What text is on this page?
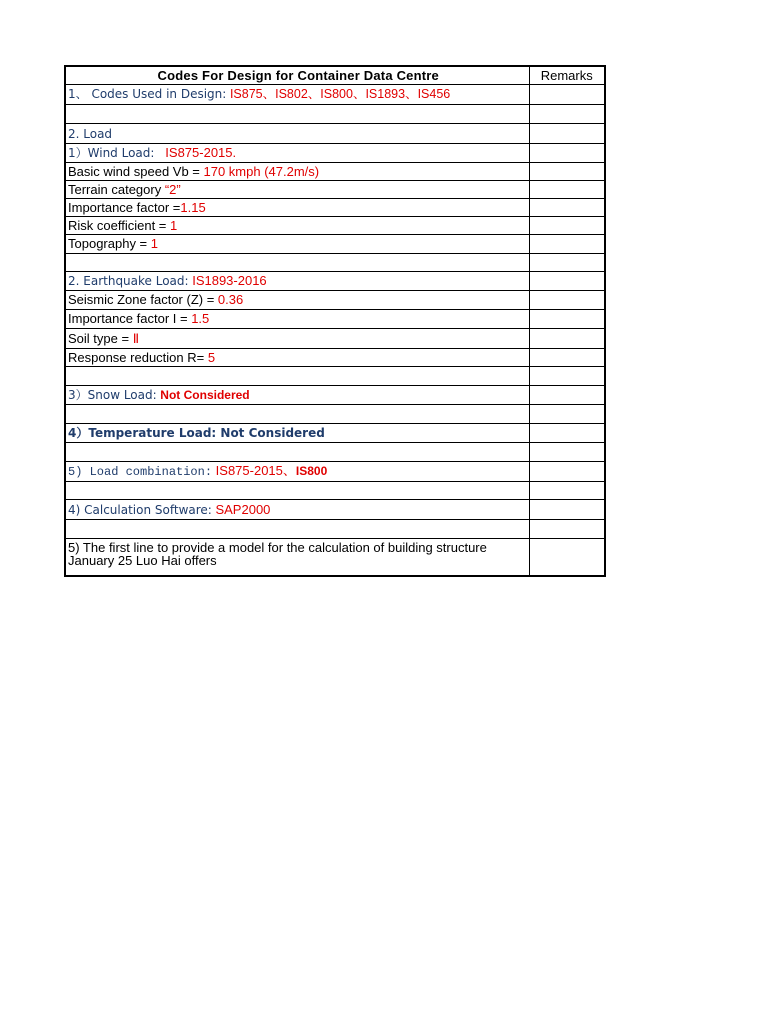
Codes For Design for Container Data Centre	Remarks
1、 Codes Used in Design: IS875、IS802、IS800、IS1893、IS456	

2. Load	
1）Wind Load: IS875-2015.	
Basic wind speed Vb = 170 kmph (47.2m/s)	
Terrain category “2”	
Importance factor =1.15	
Risk coefficient = 1	
Topography = 1	

2. Earthquake Load: IS1893-2016	
Seismic Zone factor (Z) = 0.36	
Importance factor I = 1.5	
Soil type = Ⅱ	
Response reduction R= 5	

3）Snow Load: Not Considered	

4）Temperature Load: Not Considered	

5) Load combination: IS875-2015、IS800	

4) Calculation Software: SAP2000	

5) The first line to provide a model for the calculation of building structure January 25 Luo Hai offers	
